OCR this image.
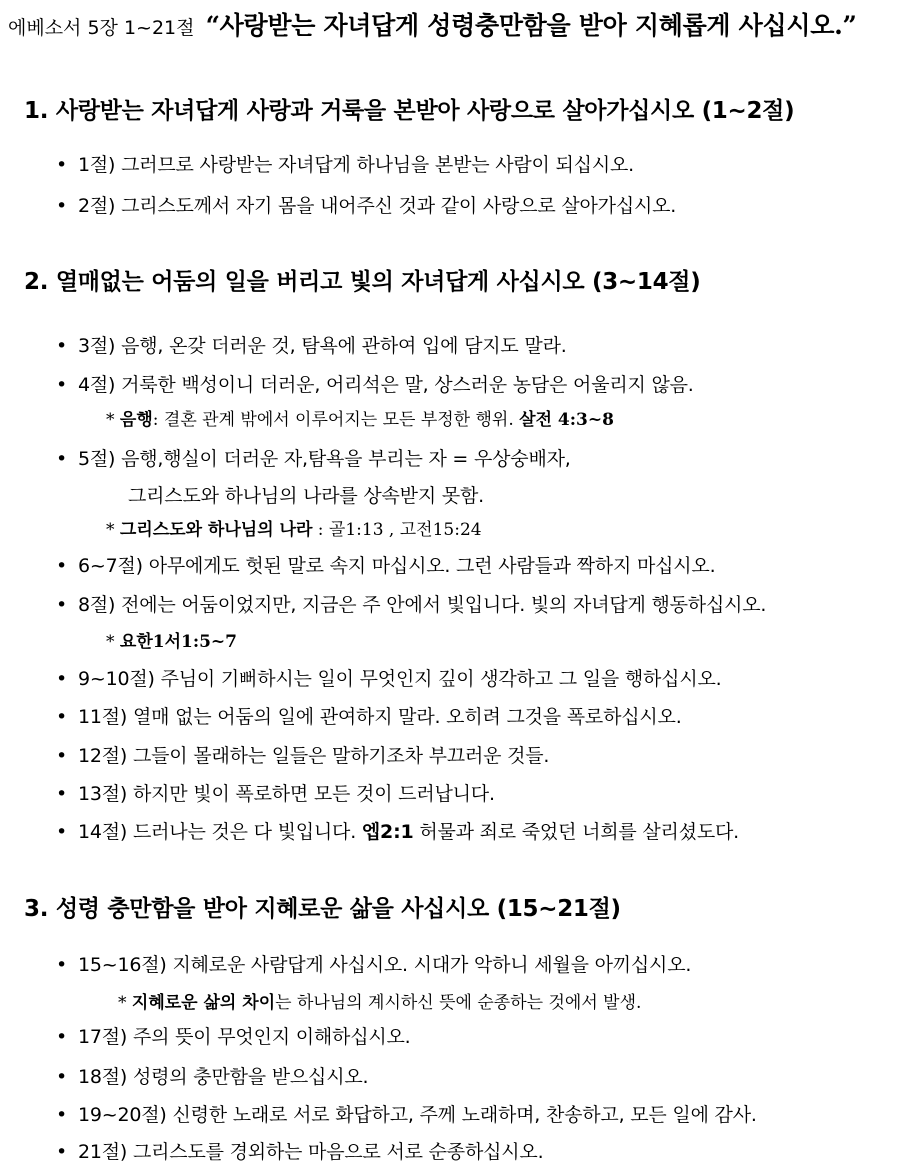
에베소서 5장 1~21절 “사랑받는 자녀답게 성령충만함을 받아 지혜롭게 사십시오.”
1. 사랑받는 자녀답게 사랑과 거룩을 본받아 사랑으로 살아가십시오 (1~2절)
• 1절) 그러므로 사랑받는 자녀답게 하나님을 본받는 사람이 되십시오.
• 2절) 그리스도께서 자기 몸을 내어주신 것과 같이 사랑으로 살아가십시오.
2. 열매없는 어둠의 일을 버리고 빛의 자녀답게 사십시오 (3~14절)
• 3절) 음행, 온갖 더러운 것, 탐욕에 관하여 입에 담지도 말라.
• 4절) 거룩한 백성이니 더러운, 어리석은 말, 상스러운 농담은 어울리지 않음.
* 음행: 결혼 관계 밖에서 이루어지는 모든 부정한 행위. 살전 4:3~8
• 5절) 음행,행실이 더러운 자,탐욕을 부리는 자 = 우상숭배자,
그리스도와 하나님의 나라를 상속받지 못함.
* 그리스도와 하나님의 나라 : 골1:13 , 고전15:24
• 6~7절) 아무에게도 헛된 말로 속지 마십시오. 그런 사람들과 짝하지 마십시오.
• 8절) 전에는 어둠이었지만, 지금은 주 안에서 빛입니다. 빛의 자녀답게 행동하십시오.
* 요한1서1:5~7
• 9~10절) 주님이 기뻐하시는 일이 무엇인지 깊이 생각하고 그 일을 행하십시오.
• 11절) 열매 없는 어둠의 일에 관여하지 말라. 오히려 그것을 폭로하십시오.
• 12절) 그들이 몰래하는 일들은 말하기조차 부끄러운 것들.
• 13절) 하지만 빛이 폭로하면 모든 것이 드러납니다.
• 14절) 드러나는 것은 다 빛입니다. 엡2:1 허물과 죄로 죽었던 너희를 살리셨도다.
3. 성령 충만함을 받아 지혜로운 삶을 사십시오 (15~21절)
• 15~16절) 지혜로운 사람답게 사십시오. 시대가 악하니 세월을 아끼십시오.
* 지혜로운 삶의 차이는 하나님의 계시하신 뜻에 순종하는 것에서 발생.
• 17절) 주의 뜻이 무엇인지 이해하십시오.
• 18절) 성령의 충만함을 받으십시오.
• 19~20절) 신령한 노래로 서로 화답하고, 주께 노래하며, 찬송하고, 모든 일에 감사.
• 21절) 그리스도를 경외하는 마음으로 서로 순종하십시오.
